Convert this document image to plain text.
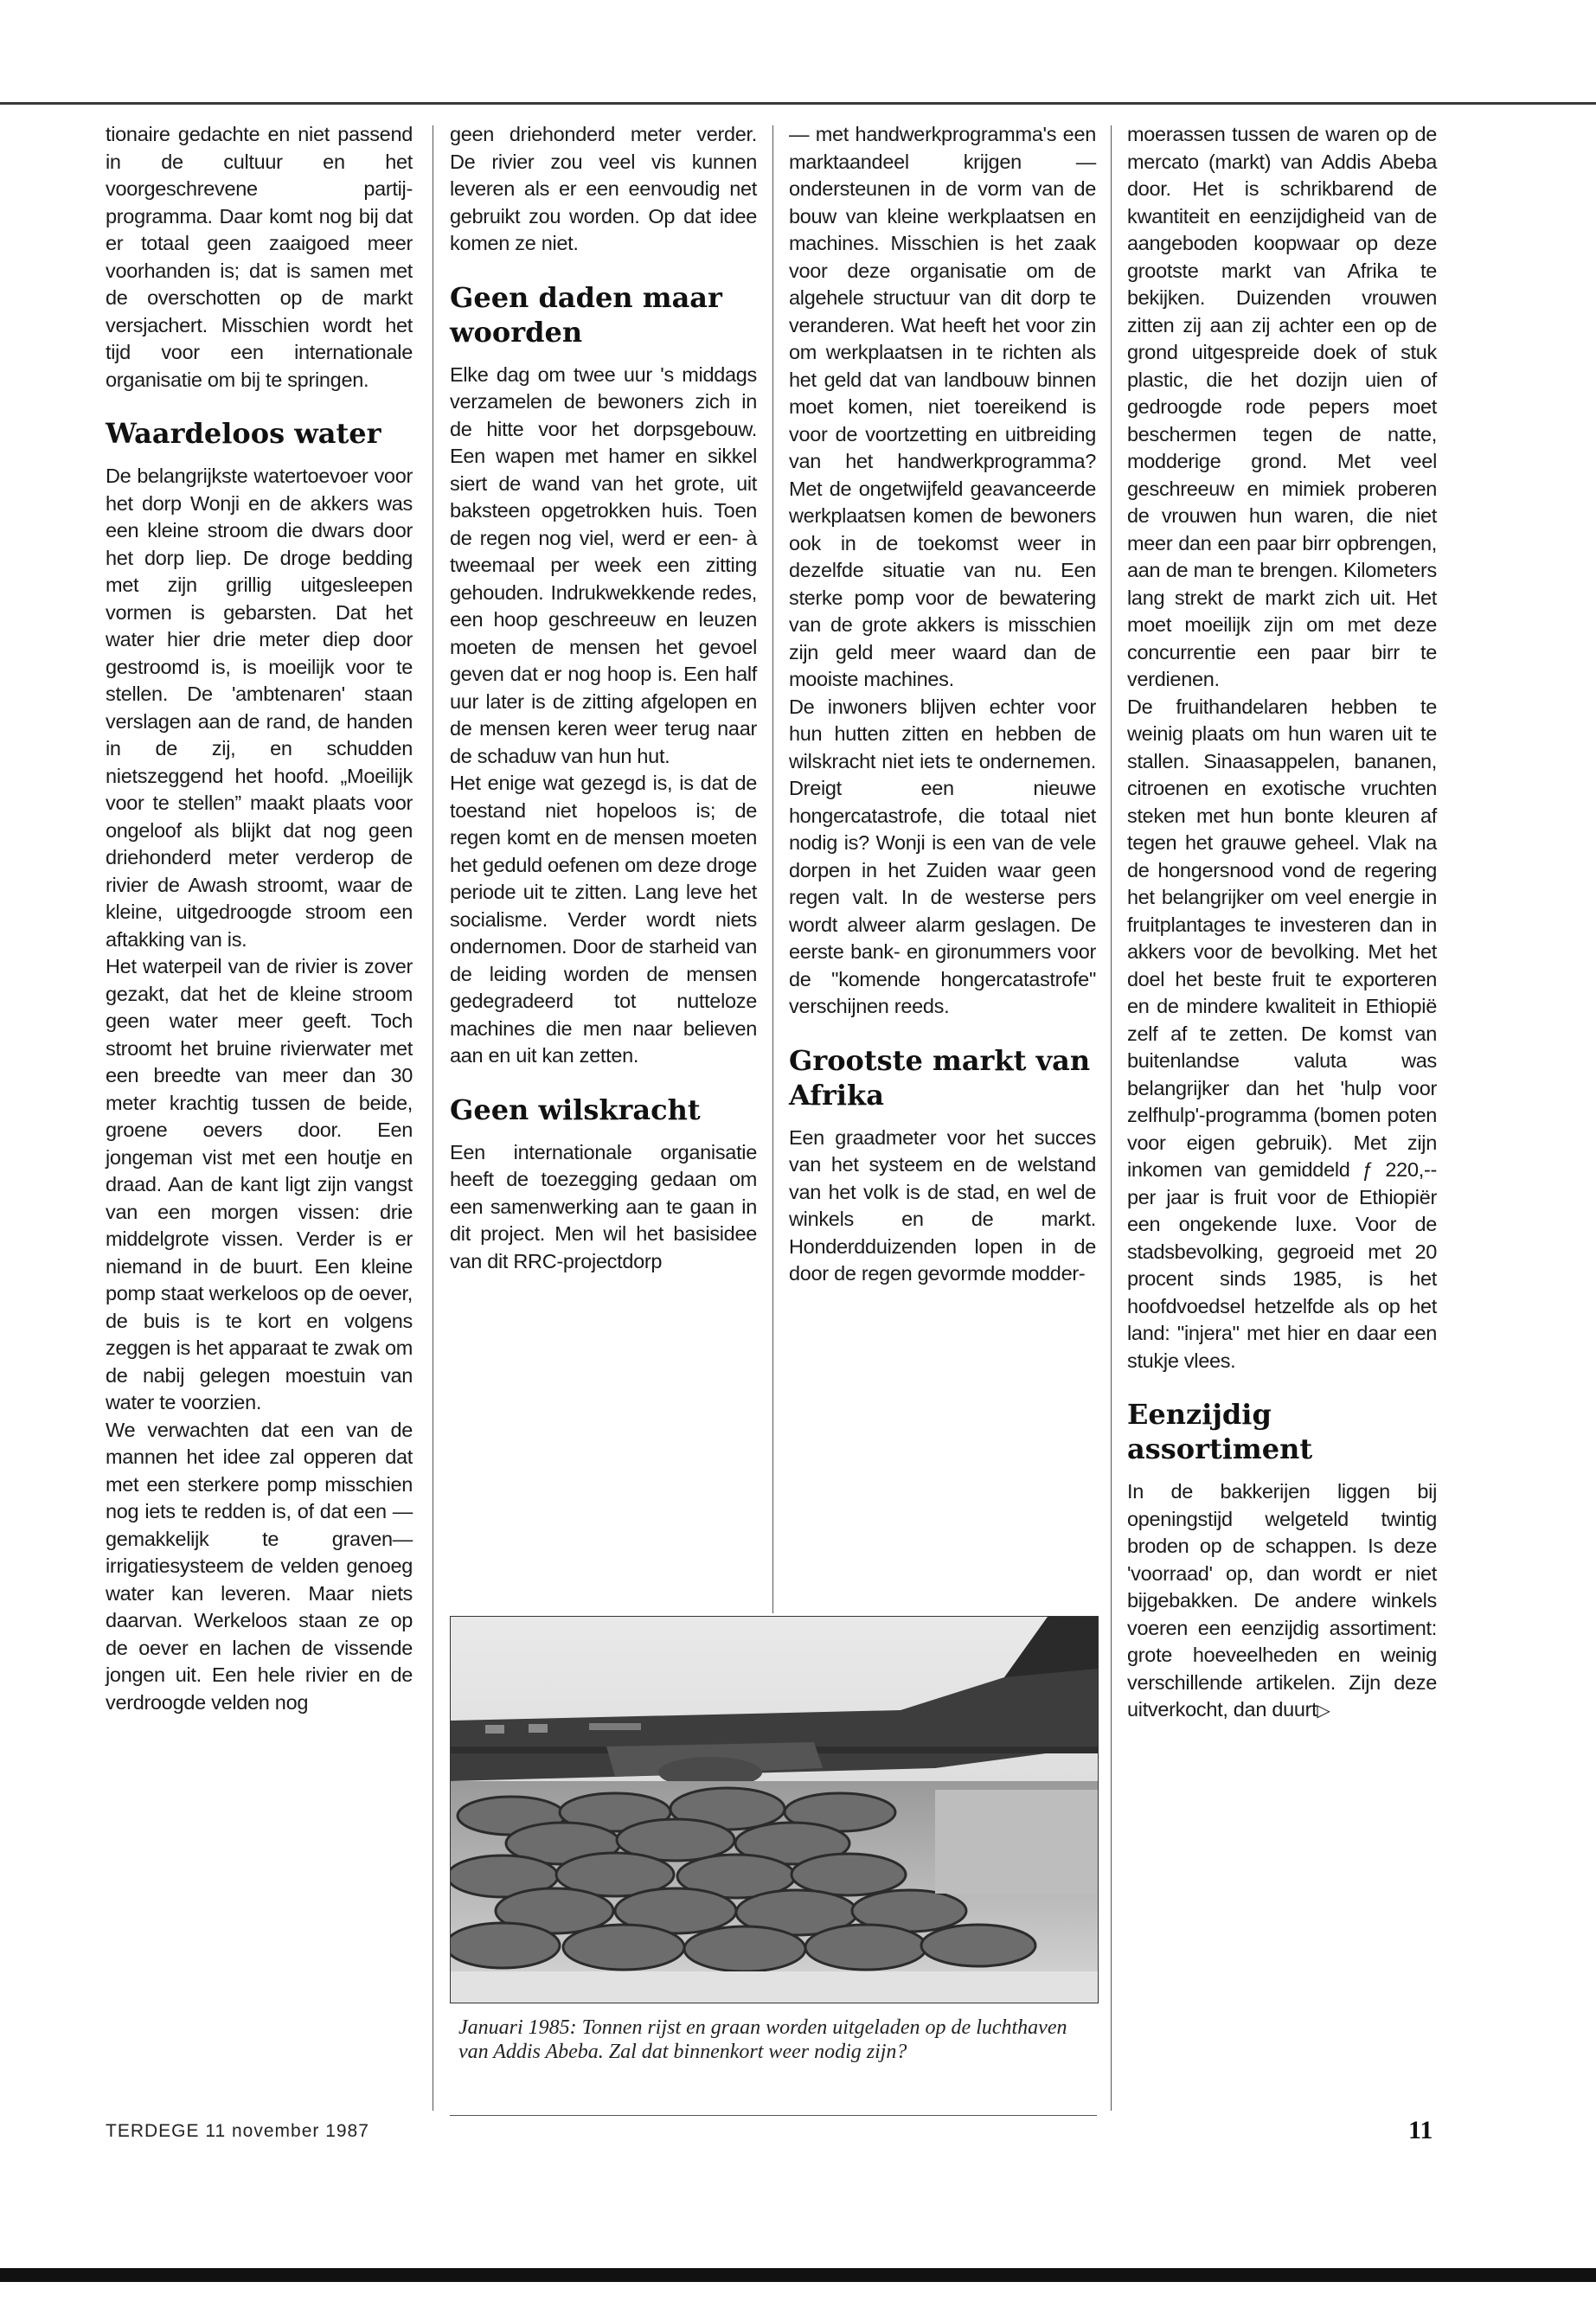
tionaire gedachte en niet passend in de cultuur en het voorgeschrevene partij-programma. Daar komt nog bij dat er totaal geen zaaigoed meer voorhanden is; dat is samen met de overschotten op de markt versjachert. Misschien wordt het tijd voor een internationale organisatie om bij te springen.

Waardeloos water

De belangrijkste watertoevoer voor het dorp Wonji en de akkers was een kleine stroom die dwars door het dorp liep. De droge bedding met zijn grillig uitgesleepen vormen is gebarsten. Dat het water hier drie meter diep door gestroomd is, is moeilijk voor te stellen. De 'ambtenaren' staan verslagen aan de rand, de handen in de zij, en schudden nietszeggend het hoofd. „Moeilijk voor te stellen” maakt plaats voor ongeloof als blijkt dat nog geen driehonderd meter verderop de rivier de Awash stroomt, waar de kleine, uitgedroogde stroom een aftakking van is.

Het waterpeil van de rivier is zover gezakt, dat het de kleine stroom geen water meer geeft. Toch stroomt het bruine rivierwater met een breedte van meer dan 30 meter krachtig tussen de beide, groene oevers door. Een jongeman vist met een houtje en draad. Aan de kant ligt zijn vangst van een morgen vissen: drie middelgrote vissen. Verder is er niemand in de buurt. Een kleine pomp staat werkeloos op de oever, de buis is te kort en volgens zeggen is het apparaat te zwak om de nabij gelegen moestuin van water te voorzien.

We verwachten dat een van de mannen het idee zal opperen dat met een sterkere pomp misschien nog iets te redden is, of dat een —gemakkelijk te graven— irrigatiesysteem de velden genoeg water kan leveren. Maar niets daarvan. Werkeloos staan ze op de oever en lachen de vissende jongen uit. Een hele rivier en de verdroogde velden nog

geen driehonderd meter verder. De rivier zou veel vis kunnen leveren als er een eenvoudig net gebruikt zou worden. Op dat idee komen ze niet.

Geen daden maar woorden

Elke dag om twee uur 's middags verzamelen de bewoners zich in de hitte voor het dorpsgebouw. Een wapen met hamer en sikkel siert de wand van het grote, uit baksteen opgetrokken huis. Toen de regen nog viel, werd er een- à tweemaal per week een zitting gehouden. Indrukwekkende redes, een hoop geschreeuw en leuzen moeten de mensen het gevoel geven dat er nog hoop is. Een half uur later is de zitting afgelopen en de mensen keren weer terug naar de schaduw van hun hut.

Het enige wat gezegd is, is dat de toestand niet hopeloos is; de regen komt en de mensen moeten het geduld oefenen om deze droge periode uit te zitten. Lang leve het socialisme. Verder wordt niets ondernomen. Door de starheid van de leiding worden de mensen gedegradeerd tot nutteloze machines die men naar believen aan en uit kan zetten.

Geen wilskracht

Een internationale organisatie heeft de toezegging gedaan om een samenwerking aan te gaan in dit project. Men wil het basisidee van dit RRC-projectdorp

— met handwerkprogramma's een marktaandeel krijgen — ondersteunen in de vorm van de bouw van kleine werkplaatsen en machines. Misschien is het zaak voor deze organisatie om de algehele structuur van dit dorp te veranderen. Wat heeft het voor zin om werkplaatsen in te richten als het geld dat van landbouw binnen moet komen, niet toereikend is voor de voortzetting en uitbreiding van het handwerkprogramma? Met de ongetwijfeld geavanceerde werkplaatsen komen de bewoners ook in de toekomst weer in dezelfde situatie van nu. Een sterke pomp voor de bewatering van de grote akkers is misschien zijn geld meer waard dan de mooiste machines.

De inwoners blijven echter voor hun hutten zitten en hebben de wilskracht niet iets te ondernemen. Dreigt een nieuwe hongercatastrofe, die totaal niet nodig is? Wonji is een van de vele dorpen in het Zuiden waar geen regen valt. In de westerse pers wordt alweer alarm geslagen. De eerste bank- en gironummers voor de "komende hongercatastrofe" verschijnen reeds.

Grootste markt van Afrika

Een graadmeter voor het succes van het systeem en de welstand van het volk is de stad, en wel de winkels en de markt. Honderdduizenden lopen in de door de regen gevormde modder-

moerassen tussen de waren op de mercato (markt) van Addis Abeba door. Het is schrikbarend de kwantiteit en eenzijdigheid van de aangeboden koopwaar op deze grootste markt van Afrika te bekijken. Duizenden vrouwen zitten zij aan zij achter een op de grond uitgespreide doek of stuk plastic, die het dozijn uien of gedroogde rode pepers moet beschermen tegen de natte, modderige grond. Met veel geschreeuw en mimiek proberen de vrouwen hun waren, die niet meer dan een paar birr opbrengen, aan de man te brengen. Kilometers lang strekt de markt zich uit. Het moet moeilijk zijn om met deze concurrentie een paar birr te verdienen.

De fruithandelaren hebben te weinig plaats om hun waren uit te stallen. Sinaasappelen, bananen, citroenen en exotische vruchten steken met hun bonte kleuren af tegen het grauwe geheel. Vlak na de hongersnood vond de regering het belangrijker om veel energie in fruitplantages te investeren dan in akkers voor de bevolking. Met het doel het beste fruit te exporteren en de mindere kwaliteit in Ethiopië zelf af te zetten. De komst van buitenlandse valuta was belangrijker dan het 'hulp voor zelfhulp'-programma (bomen poten voor eigen gebruik). Met zijn inkomen van gemiddeld ƒ 220,-- per jaar is fruit voor de Ethiopiër een ongekende luxe. Voor de stadsbevolking, gegroeid met 20 procent sinds 1985, is het hoofdvoedsel hetzelfde als op het land: "injera" met hier en daar een stukje vlees.

Eenzijdig assortiment

In de bakkerijen liggen bij openingstijd welgeteld twintig broden op de schappen. Is deze 'voorraad' op, dan wordt er niet bijgebakken. De andere winkels voeren een eenzijdig assortiment: grote hoeveelheden en weinig verschillende artikelen. Zijn deze uitverkocht, dan duurt▷

Januari 1985: Tonnen rijst en graan worden uitgeladen op de luchthaven van Addis Abeba. Zal dat binnenkort weer nodig zijn?
TERDEGE 11 november 1987	11
